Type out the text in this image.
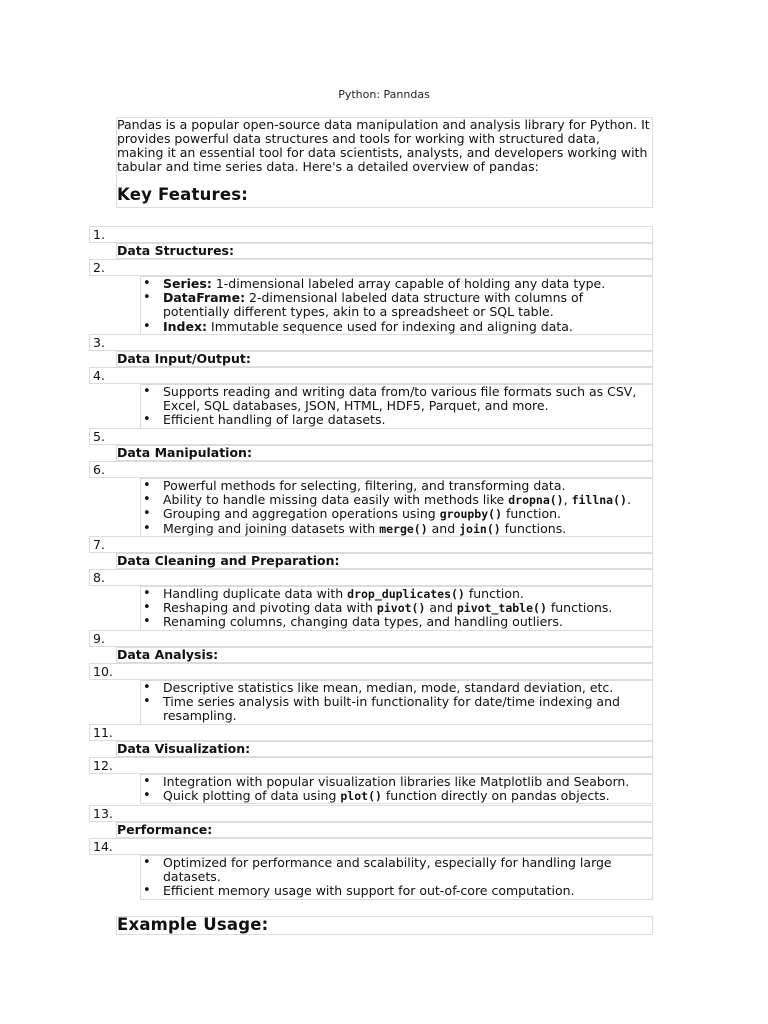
Python: Panndas

Pandas is a popular open-source data manipulation and analysis library for Python. It provides powerful data structures and tools for working with structured data, making it an essential tool for data scientists, analysts, and developers working with tabular and time series data. Here's a detailed overview of pandas:

Key Features:
1.
Data Structures:
2.
• Series: 1-dimensional labeled array capable of holding any data type.
• DataFrame: 2-dimensional labeled data structure with columns of potentially different types, akin to a spreadsheet or SQL table.
• Index: Immutable sequence used for indexing and aligning data.
3.
Data Input/Output:
4.
• Supports reading and writing data from/to various file formats such as CSV, Excel, SQL databases, JSON, HTML, HDF5, Parquet, and more.
• Efficient handling of large datasets.
5.
Data Manipulation:
6.
• Powerful methods for selecting, filtering, and transforming data.
• Ability to handle missing data easily with methods like dropna(), fillna().
• Grouping and aggregation operations using groupby() function.
• Merging and joining datasets with merge() and join() functions.
7.
Data Cleaning and Preparation:
8.
• Handling duplicate data with drop_duplicates() function.
• Reshaping and pivoting data with pivot() and pivot_table() functions.
• Renaming columns, changing data types, and handling outliers.
9.
Data Analysis:
10.
• Descriptive statistics like mean, median, mode, standard deviation, etc.
• Time series analysis with built-in functionality for date/time indexing and resampling.
11.
Data Visualization:
12.
• Integration with popular visualization libraries like Matplotlib and Seaborn.
• Quick plotting of data using plot() function directly on pandas objects.
13.
Performance:
14.
• Optimized for performance and scalability, especially for handling large datasets.
• Efficient memory usage with support for out-of-core computation.
Example Usage:
